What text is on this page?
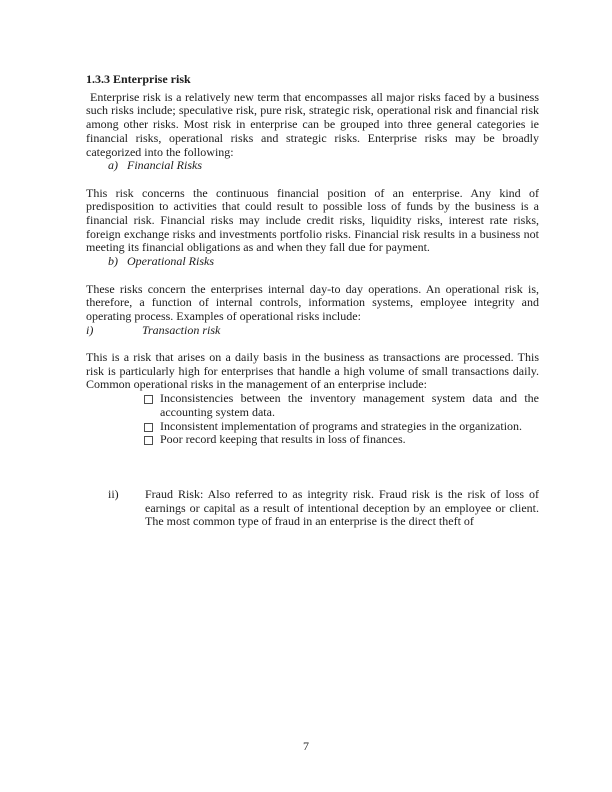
1.3.3 Enterprise risk

Enterprise risk is a relatively new term that encompasses all major risks faced by a business such risks include; speculative risk, pure risk, strategic risk, operational risk and financial risk among other risks. Most risk in enterprise can be grouped into three general categories ie financial risks, operational risks and strategic risks. Enterprise risks may be broadly categorized into the following:

a) Financial Risks

This risk concerns the continuous financial position of an enterprise. Any kind of predisposition to activities that could result to possible loss of funds by the business is a financial risk. Financial risks may include credit risks, liquidity risks, interest rate risks, foreign exchange risks and investments portfolio risks. Financial risk results in a business not meeting its financial obligations as and when they fall due for payment.

b) Operational Risks

These risks concern the enterprises internal day-to day operations. An operational risk is, therefore, a function of internal controls, information systems, employee integrity and operating process. Examples of operational risks include:

i)	Transaction risk

This is a risk that arises on a daily basis in the business as transactions are processed. This risk is particularly high for enterprises that handle a high volume of small transactions daily. Common operational risks in the management of an enterprise include:

Inconsistencies between the inventory management system data and the accounting system data.
Inconsistent implementation of programs and strategies in the organization.
Poor record keeping that results in loss of finances.
ii) Fraud Risk: Also referred to as integrity risk. Fraud risk is the risk of loss of earnings or capital as a result of intentional deception by an employee or client. The most common type of fraud in an enterprise is the direct theft of

7
